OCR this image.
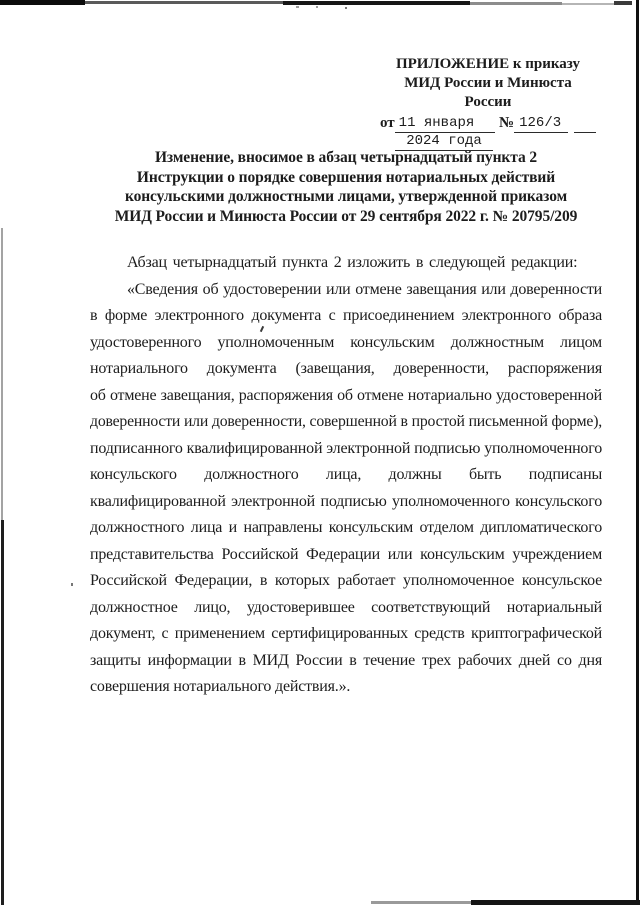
ПРИЛОЖЕНИЕ к приказу
МИД России и Минюста России
от 11 января	№ 126/3
2024 года
Изменение, вносимое в абзац четырнадцатый пункта 2
Инструкции о порядке совершения нотариальных действий
консульскими должностными лицами, утвержденной приказом
МИД России и Минюста России от 29 сентября 2022 г. № 20795/209
Абзац четырнадцатый пункта 2 изложить в следующей редакции:
«Сведения об удостоверении или отмене завещания или доверенности
в форме электронного документа с присоединением электронного образа
удостоверенного уполномоченным консульским должностным лицом
нотариального документа (завещания, доверенности, распоряжения
об отмене завещания, распоряжения об отмене нотариально удостоверенной
доверенности или доверенности, совершенной в простой письменной форме),
подписанного квалифицированной электронной подписью уполномоченного
консульского должностного лица, должны быть подписаны
квалифицированной электронной подписью уполномоченного консульского
должностного лица и направлены консульским отделом дипломатического
представительства Российской Федерации или консульским учреждением
Российской Федерации, в которых работает уполномоченное консульское
должностное лицо, удостоверившее соответствующий нотариальный
документ, с применением сертифицированных средств криптографической
защиты информации в МИД России в течение трех рабочих дней со дня
совершения нотариального действия.».
